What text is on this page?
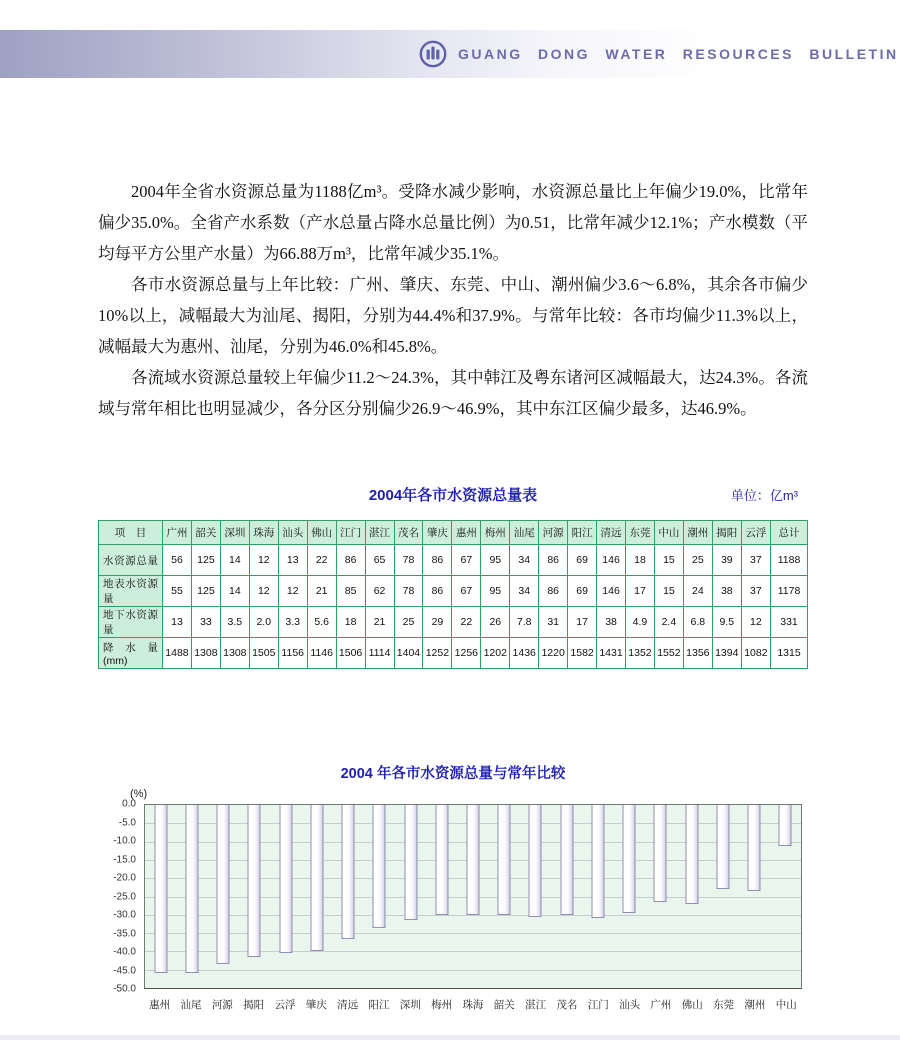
GUANG DONG WATER RESOURCES BULLETIN

2004年全省水资源总量为1188亿m³。受降水减少影响，水资源总量比上年偏少19.0%，比常年偏少35.0%。全省产水系数（产水总量占降水总量比例）为0.51，比常年减少12.1%；产水模数（平均每平方公里产水量）为66.88万m³，比常年减少35.1%。

各市水资源总量与上年比较：广州、肇庆、东莞、中山、潮州偏少3.6～6.8%，其余各市偏少10%以上，减幅最大为汕尾、揭阳，分别为44.4%和37.9%。与常年比较：各市均偏少11.3%以上，减幅最大为惠州、汕尾，分别为46.0%和45.8%。

各流域水资源总量较上年偏少11.2～24.3%，其中韩江及粤东诸河区减幅最大，达24.3%。各流域与常年相比也明显减少，各分区分别偏少26.9～46.9%，其中东江区偏少最多，达46.9%。

2004年各市水资源总量表	单位：亿m³
项　目	广州	韶关	深圳	珠海	汕头	佛山	江门	湛江	茂名	肇庆	惠州	梅州	汕尾	河源	阳江	清远	东莞	中山	潮州	揭阳	云浮	总计
水资源总量	56	125	14	12	13	22	86	65	78	86	67	95	34	86	69	146	18	15	25	39	37	1188
地表水资源量	55	125	14	12	12	21	85	62	78	86	67	95	34	86	69	146	17	15	24	38	37	1178
地下水资源量	13	33	3.5	2.0	3.3	5.6	18	21	25	29	22	26	7.8	31	17	38	4.9	2.4	6.8	9.5	12	331
降水量(mm)	1488	1308	1308	1505	1156	1146	1506	1114	1404	1252	1256	1202	1436	1220	1582	1431	1352	1552	1356	1394	1082	1315
2004 年各市水资源总量与常年比较
(%)
0.0
-5.0
-10.0
-15.0
-20.0
-25.0
-30.0
-35.0
-40.0
-45.0
-50.0
惠州 汕尾 河源 揭阳 云浮 肇庆 清远 阳江 深圳 梅州 珠海 韶关 湛江 茂名 江门 汕头 广州 佛山 东莞 潮州 中山
